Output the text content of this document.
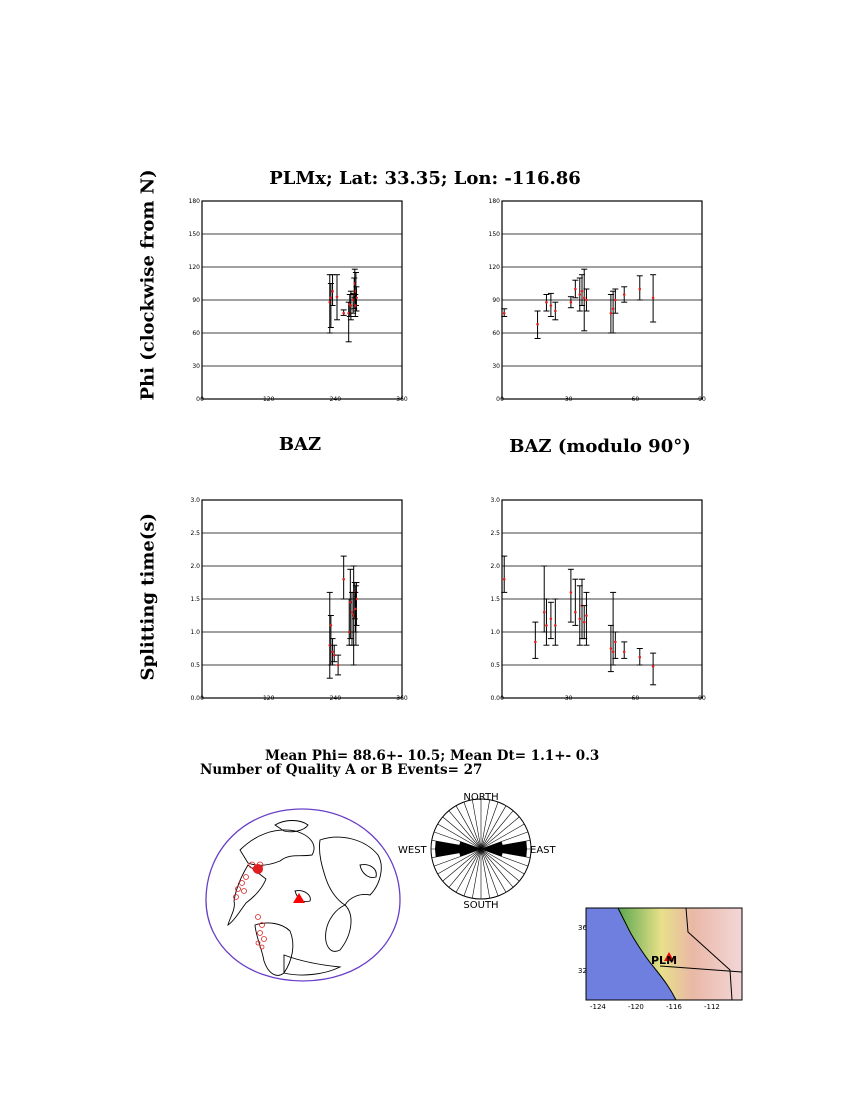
PLMx; Lat: 33.35; Lon: -116.86
0
30
60
90
120
150
180
0	120	240	360	0
30
60
90
120
150
180
0	30	60	90
0.0
0.5
1.0
1.5
2.0
2.5
3.0
0	120	240	360	0.0
0.5
1.0
1.5
2.0
2.5
3.0
0	30	60	90
Phi (clockwise from N)
Splitting time(s)
BAZ	BAZ (modulo 90°)
Mean Phi= 88.6+- 10.5; Mean Dt= 1.1+- 0.3
Number of Quality A or B Events= 27
NORTH
SOUTH
WEST	EAST
PLM
36
32
-124	-120	-116	-112
